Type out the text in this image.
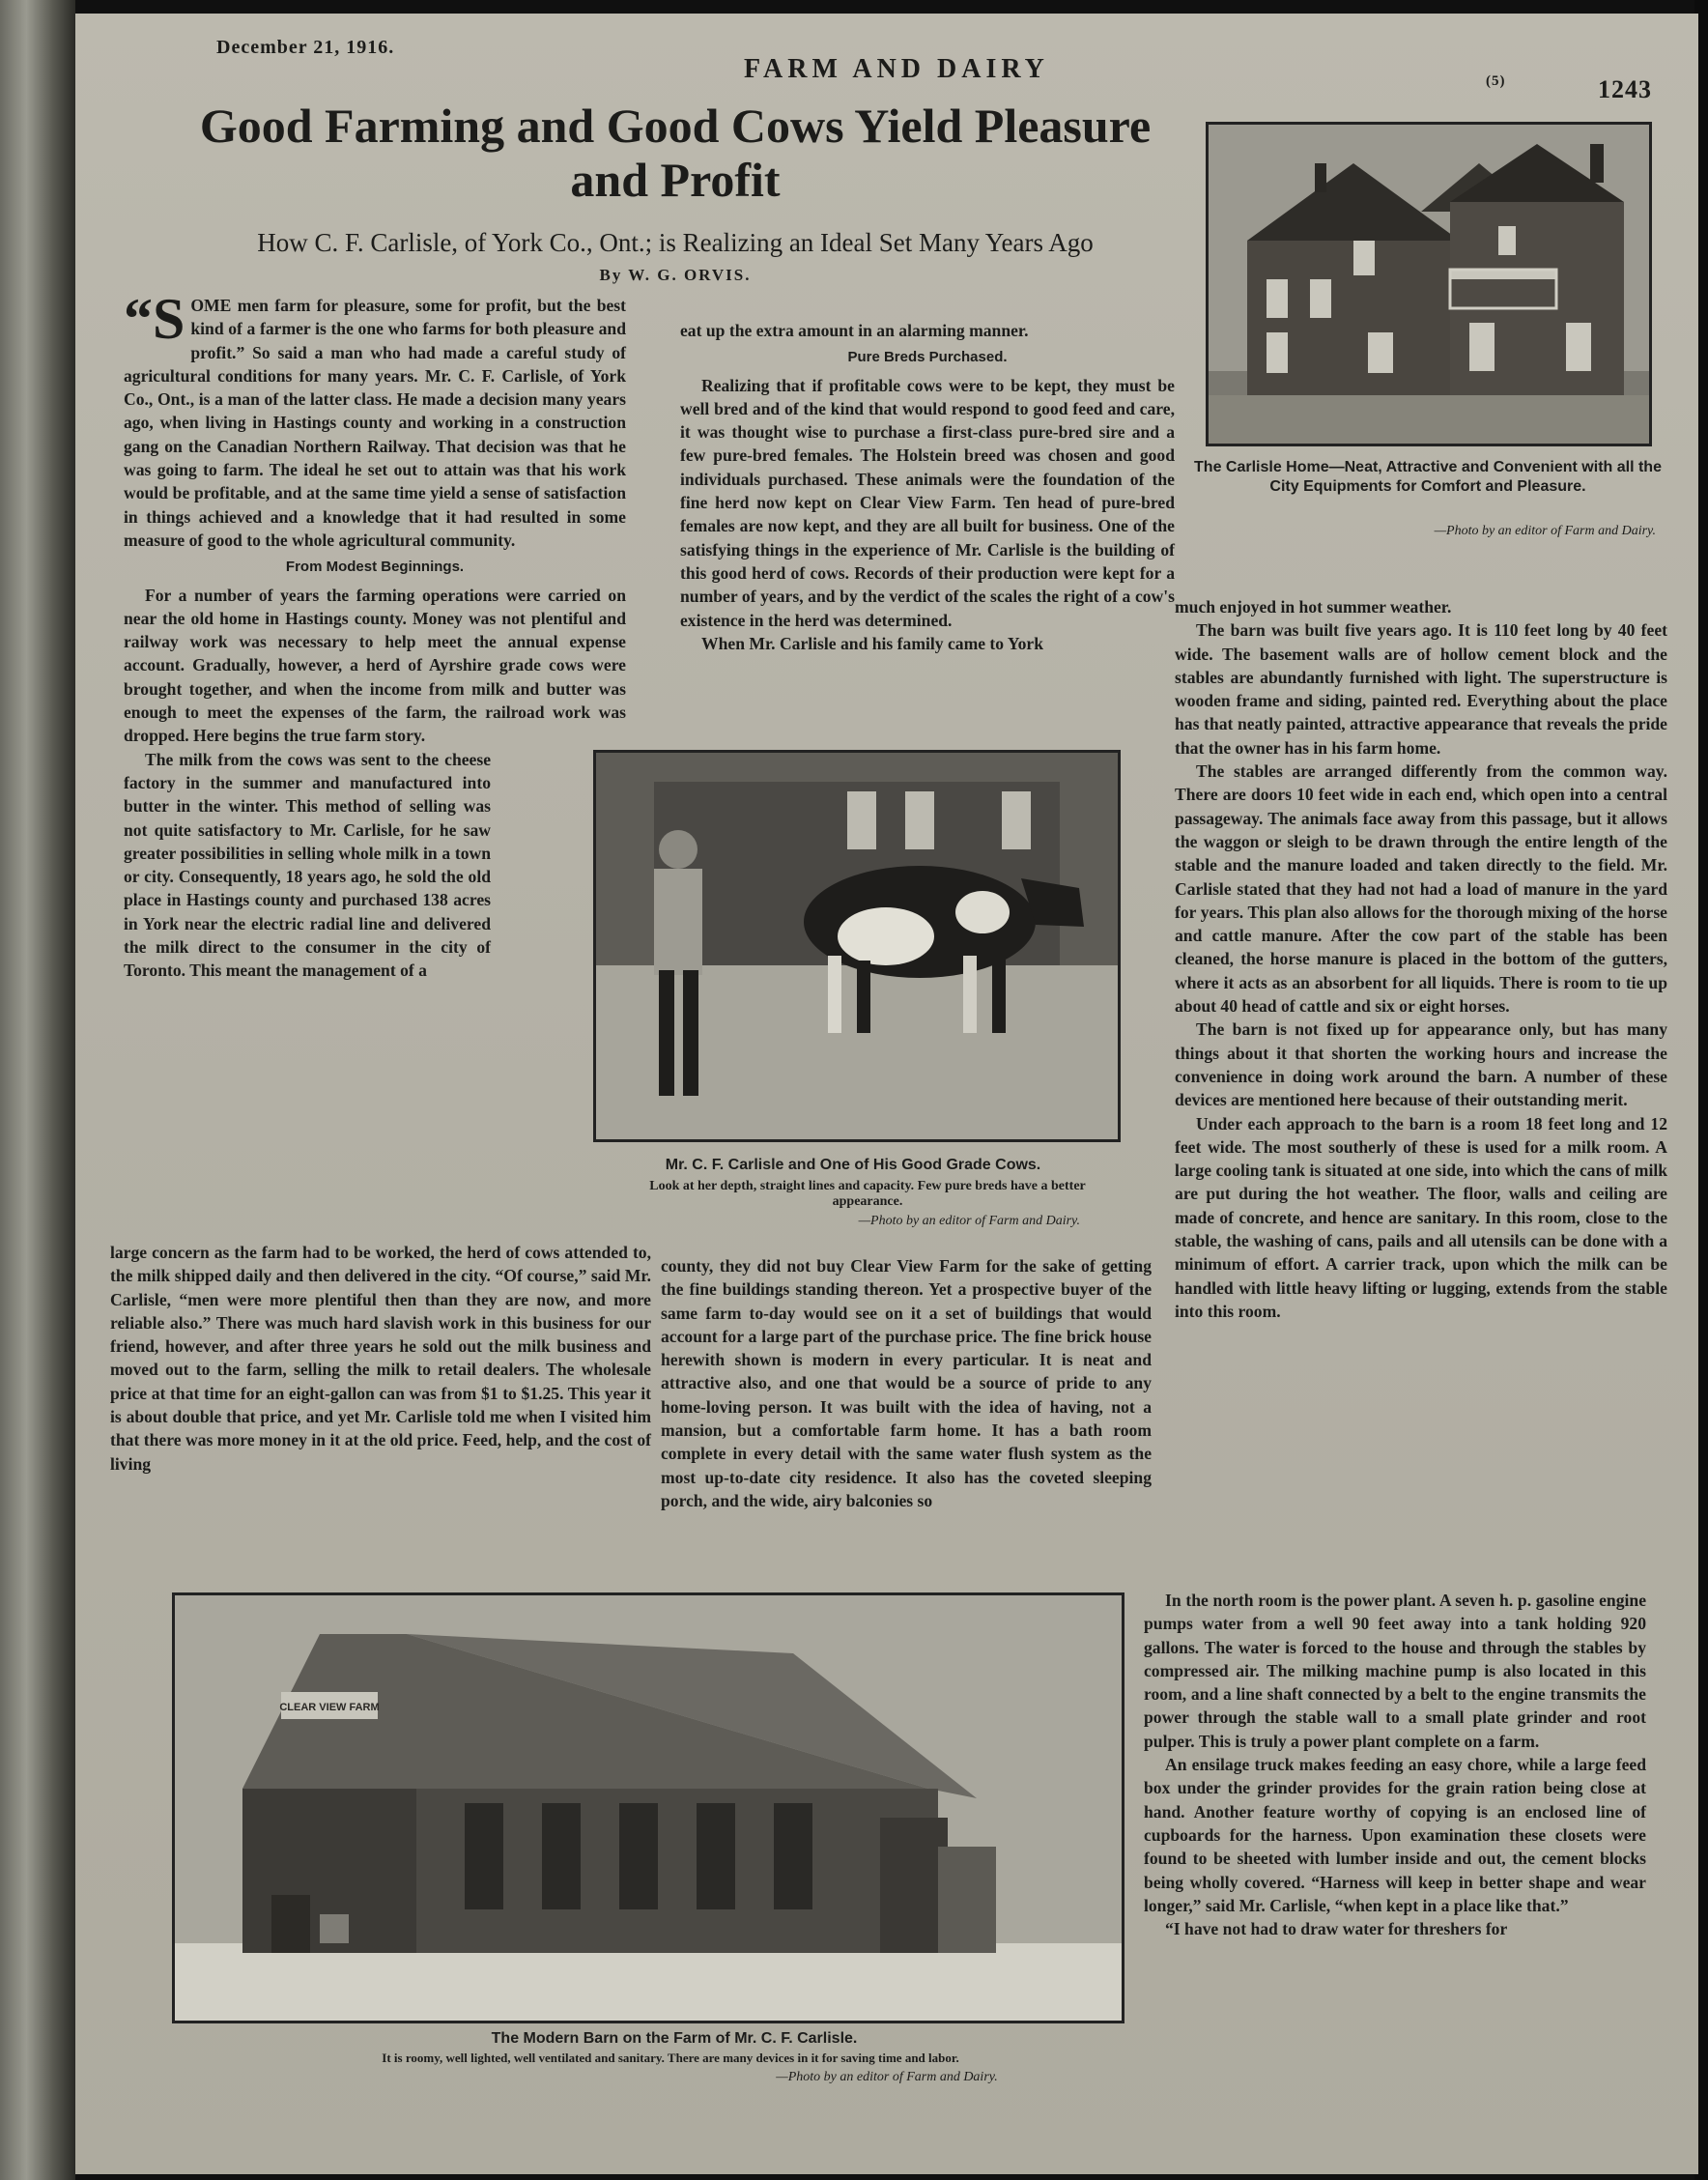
December 21, 1916.
FARM AND DAIRY	(5)	1243
Good Farming and Good Cows Yield Pleasure
and Profit
How C. F. Carlisle, of York Co., Ont.; is Realizing an Ideal Set Many Years Ago
By W. G. ORVIS.
The Carlisle Home—Neat, Attractive and Convenient with all the City Equipments for Comfort and Pleasure.
—Photo by an editor of Farm and Dairy.

“SOME men farm for pleasure, some for profit, but the best kind of a farmer is the one who farms for both pleasure and profit.” So said a man who had made a careful study of agricultural conditions for many years. Mr. C. F. Carlisle, of York Co., Ont., is a man of the latter class. He made a decision many years ago, when living in Hastings county and working in a construction gang on the Canadian Northern Railway. That decision was that he was going to farm. The ideal he set out to attain was that his work would be profitable, and at the same time yield a sense of satisfaction in things achieved and a knowledge that it had resulted in some measure of good to the whole agricultural community.

From Modest Beginnings.

For a number of years the farming operations were carried on near the old home in Hastings county. Money was not plentiful and railway work was necessary to help meet the annual expense account. Gradually, however, a herd of Ayrshire grade cows were brought together, and when the income from milk and butter was enough to meet the expenses of the farm, the railroad work was dropped. Here begins the true farm story.

The milk from the cows was sent to the cheese factory in the summer and manufactured into butter in the winter. This method of selling was not quite satisfactory to Mr. Carlisle, for he saw greater possibilities in selling whole milk in a town or city. Consequently, 18 years ago, he sold the old place in Hastings county and purchased 138 acres in York near the electric radial line and delivered the milk direct to the consumer in the city of Toronto. This meant the management of a

large concern as the farm had to be worked, the herd of cows attended to, the milk shipped daily and then delivered in the city. “Of course,” said Mr. Carlisle, “men were more plentiful then than they are now, and more reliable also.” There was much hard slavish work in this business for our friend, however, and after three years he sold out the milk business and moved out to the farm, selling the milk to retail dealers. The wholesale price at that time for an eight-gallon can was from $1 to $1.25. This year it is about double that price, and yet Mr. Carlisle told me when I visited him that there was more money in it at the old price. Feed, help, and the cost of living

eat up the extra amount in an alarming manner.

Pure Breds Purchased.

Realizing that if profitable cows were to be kept, they must be well bred and of the kind that would respond to good feed and care, it was thought wise to purchase a first-class pure-bred sire and a few pure-bred females. The Holstein breed was chosen and good individuals purchased. These animals were the foundation of the fine herd now kept on Clear View Farm. Ten head of pure-bred females are now kept, and they are all built for business. One of the satisfying things in the experience of Mr. Carlisle is the building of this good herd of cows. Records of their production were kept for a number of years, and by the verdict of the scales the right of a cow's existence in the herd was determined.

When Mr. Carlisle and his family came to York

Mr. C. F. Carlisle and One of His Good Grade Cows.
Look at her depth, straight lines and capacity. Few pure breds have a better appearance.
—Photo by an editor of Farm and Dairy.

county, they did not buy Clear View Farm for the sake of getting the fine buildings standing thereon. Yet a prospective buyer of the same farm to-day would see on it a set of buildings that would account for a large part of the purchase price. The fine brick house herewith shown is modern in every particular. It is neat and attractive also, and one that would be a source of pride to any home-loving person. It was built with the idea of having, not a mansion, but a comfortable farm home. It has a bath room complete in every detail with the same water flush system as the most up-to-date city residence. It also has the coveted sleeping porch, and the wide, airy balconies so

much enjoyed in hot summer weather.

The barn was built five years ago. It is 110 feet long by 40 feet wide. The basement walls are of hollow cement block and the stables are abundantly furnished with light. The superstructure is wooden frame and siding, painted red. Everything about the place has that neatly painted, attractive appearance that reveals the pride that the owner has in his farm home.

The stables are arranged differently from the common way. There are doors 10 feet wide in each end, which open into a central passageway. The animals face away from this passage, but it allows the waggon or sleigh to be drawn through the entire length of the stable and the manure loaded and taken directly to the field. Mr. Carlisle stated that they had not had a load of manure in the yard for years. This plan also allows for the thorough mixing of the horse and cattle manure. After the cow part of the stable has been cleaned, the horse manure is placed in the bottom of the gutters, where it acts as an absorbent for all liquids. There is room to tie up about 40 head of cattle and six or eight horses.

The barn is not fixed up for appearance only, but has many things about it that shorten the working hours and increase the convenience in doing work around the barn. A number of these devices are mentioned here because of their outstanding merit.

Under each approach to the barn is a room 18 feet long and 12 feet wide. The most southerly of these is used for a milk room. A large cooling tank is situated at one side, into which the cans of milk are put during the hot weather. The floor, walls and ceiling are made of concrete, and hence are sanitary. In this room, close to the stable, the washing of cans, pails and all utensils can be done with a minimum of effort. A carrier track, upon which the milk can be handled with little heavy lifting or lugging, extends from the stable into this room.

In the north room is the power plant. A seven h. p. gasoline engine pumps water from a well 90 feet away into a tank holding 920 gallons. The water is forced to the house and through the stables by compressed air. The milking machine pump is also located in this room, and a line shaft connected by a belt to the engine transmits the power through the stable wall to a small plate grinder and root pulper. This is truly a power plant complete on a farm.

An ensilage truck makes feeding an easy chore, while a large feed box under the grinder provides for the grain ration being close at hand. Another feature worthy of copying is an enclosed line of cupboards for the harness. Upon examination these closets were found to be sheeted with lumber inside and out, the cement blocks being wholly covered. “Harness will keep in better shape and wear longer,” said Mr. Carlisle, “when kept in a place like that.”

“I have not had to draw water for threshers for

CLEAR VIEW FARM
The Modern Barn on the Farm of Mr. C. F. Carlisle.
It is roomy, well lighted, well ventilated and sanitary. There are many devices in it for saving time and labor.
—Photo by an editor of Farm and Dairy.
